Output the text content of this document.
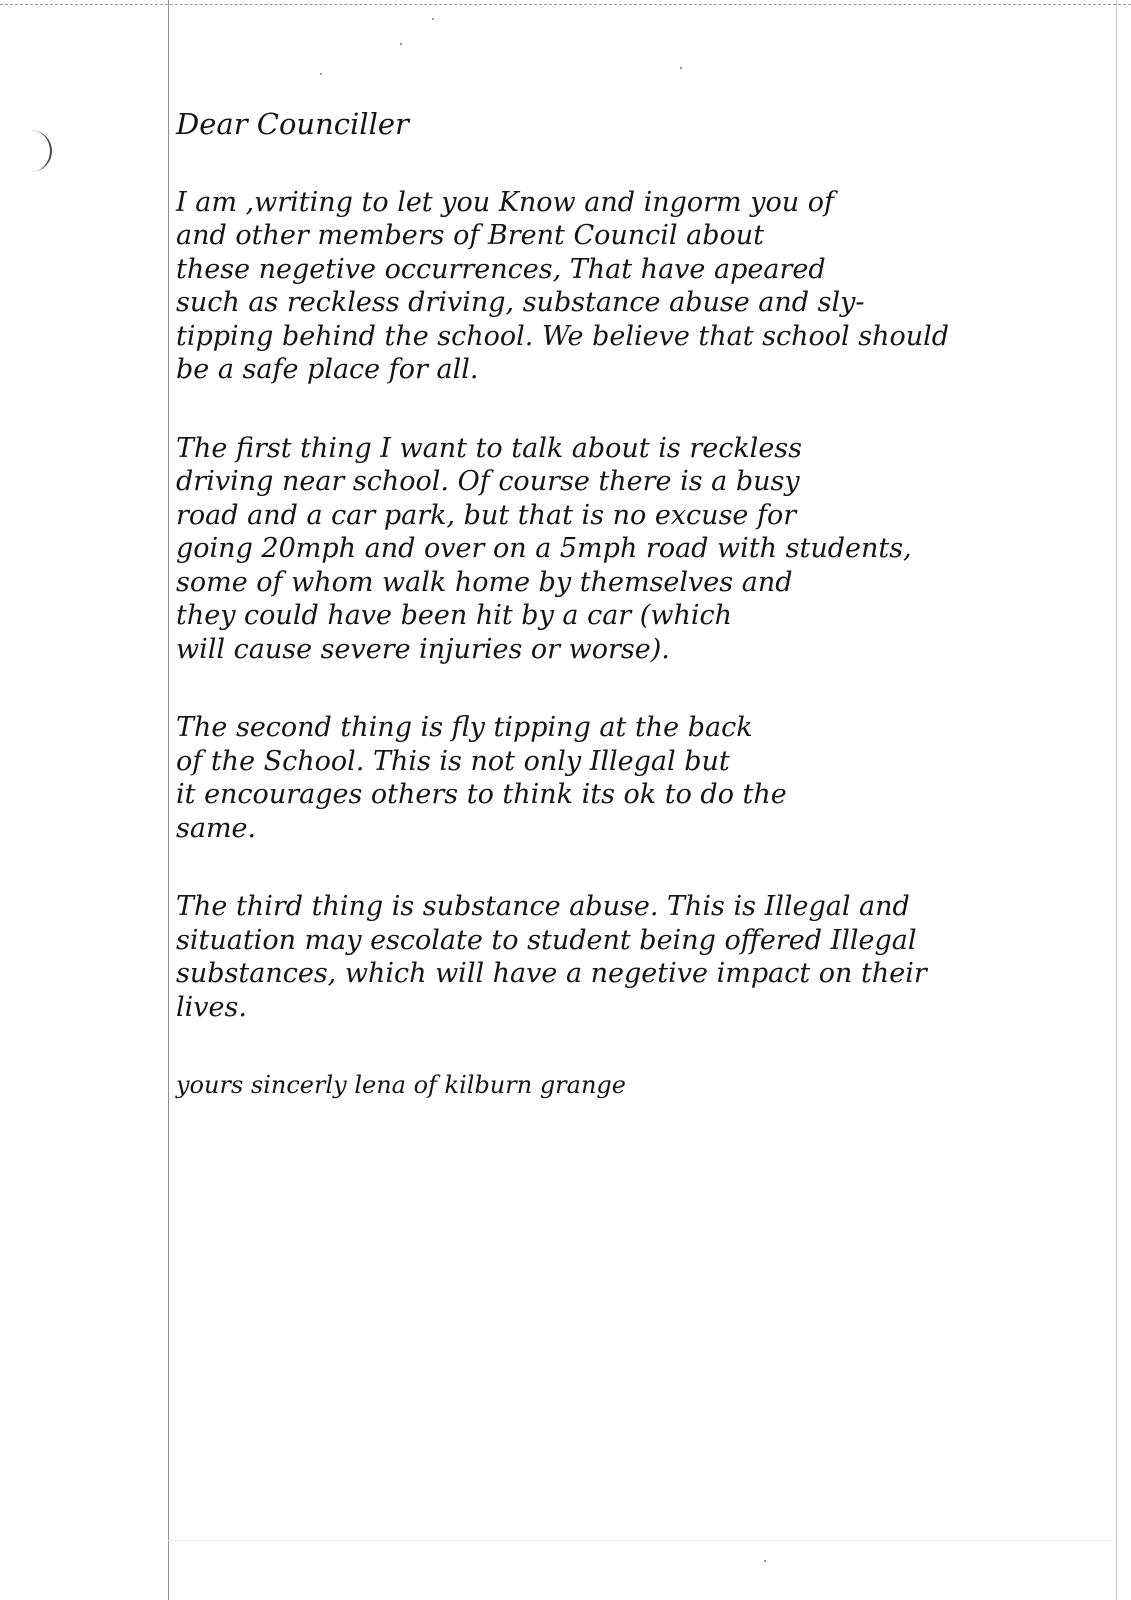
Dear Counciller
I am ,writing to let you Know and ingorm you of
and other members of Brent Council about
these negetive occurrences, That have apeared
such as reckless driving, substance abuse and sly-
tipping behind the school. We believe that school should
be a safe place for all.
The first thing I want to talk about is reckless
driving near school. Of course there is a busy
road and a car park, but that is no excuse for
going 20mph and over on a 5mph road with students,
some of whom walk home by themselves and
they could have been hit by a car (which
will cause severe injuries or worse).
The second thing is fly tipping at the back
of the School. This is not only Illegal but
it encourages others to think its ok to do the
same.
The third thing is substance abuse. This is Illegal and
situation may escolate to student being offered Illegal
substances, which will have a negetive impact on their
lives.
yours sincerly lena of kilburn grange
